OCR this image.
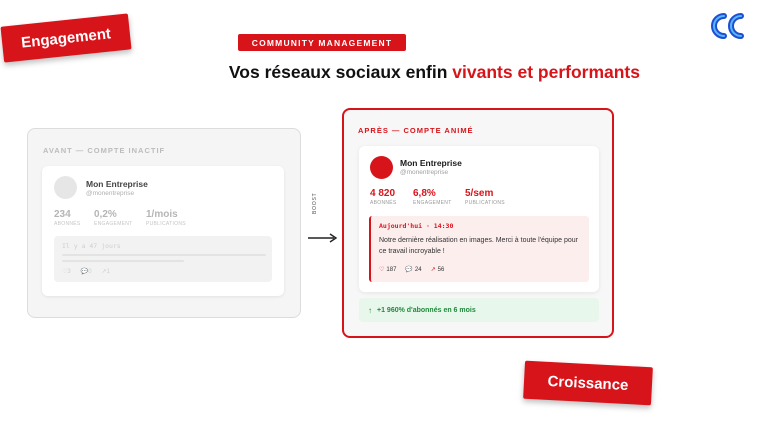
Engagement	COMMUNITY MANAGEMENT
Vos réseaux sociaux enfin vivants et performants
AVANT — COMPTE INACTIF
Mon Entreprise
@monentreprise
234
ABONNÉS
0,2%
ENGAGEMENT
1/mois
PUBLICATIONS
Il y a 47 jours
♡3 💬0 ↗1
BOOST
APRÈS — COMPTE ANIMÉ
Mon Entreprise
@monentreprise
4 820
ABONNÉS
6,8%
ENGAGEMENT
5/sem
PUBLICATIONS
Aujourd'hui · 14:30
Notre dernière réalisation en images. Merci à toute l'équipe pour ce travail incroyable !
♡ 187 💬 24 ↗ 56
↑ +1 960% d'abonnés en 6 mois
Croissance
